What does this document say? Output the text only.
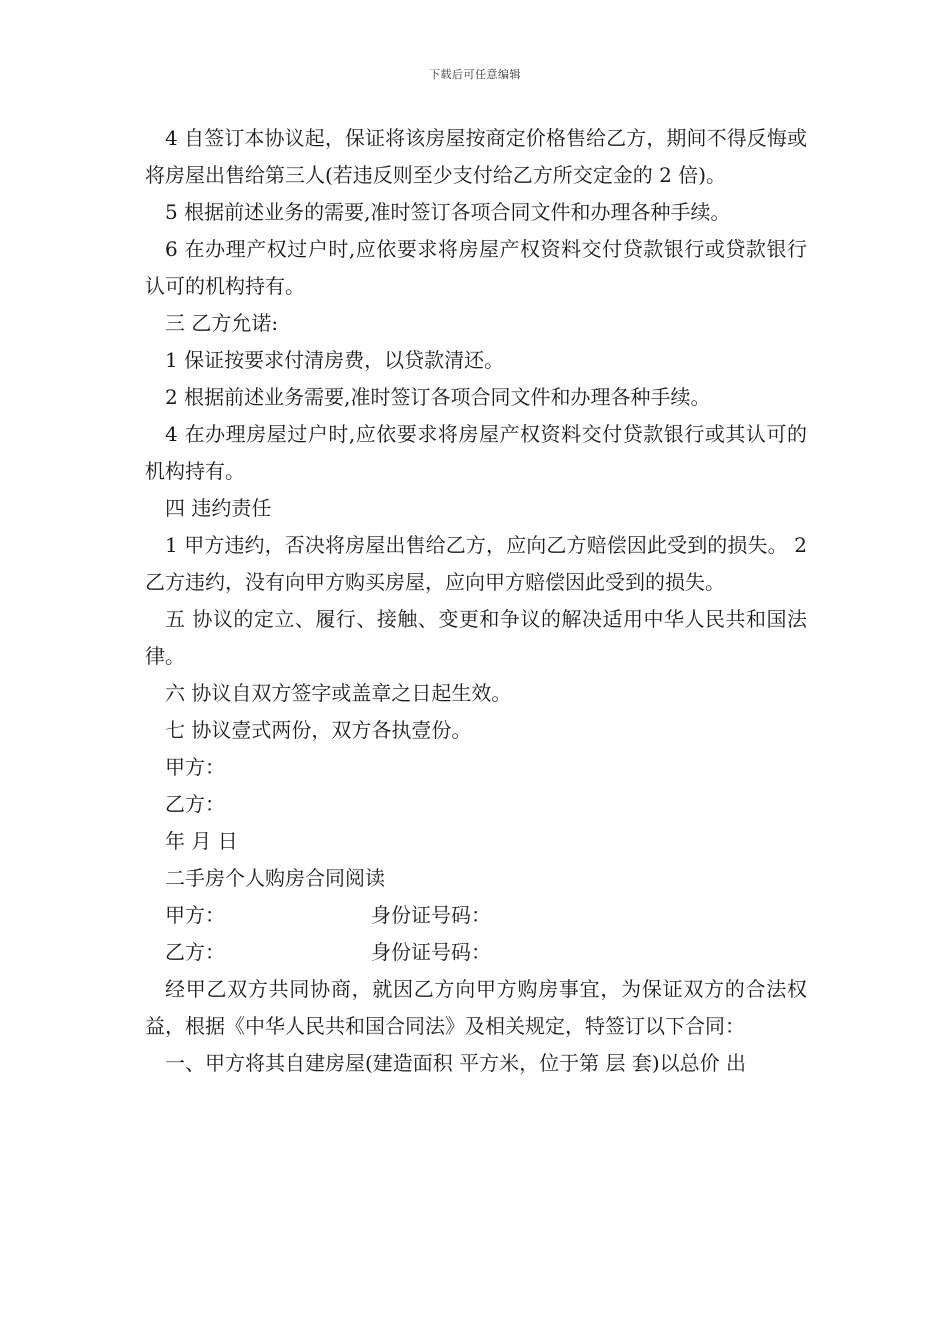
下载后可任意编辑

4 自签订本协议起，保证将该房屋按商定价格售给乙方，期间不得反悔或将房屋出售给第三人(若违反则至少支付给乙方所交定金的 2 倍)。

5 根据前述业务的需要,准时签订各项合同文件和办理各种手续。

6 在办理产权过户时,应依要求将房屋产权资料交付贷款银行或贷款银行认可的机构持有。

三 乙方允诺:

1 保证按要求付清房费，以贷款清还。

2 根据前述业务需要,准时签订各项合同文件和办理各种手续。

4 在办理房屋过户时,应依要求将房屋产权资料交付贷款银行或其认可的机构持有。

四 违约责任

1 甲方违约，否决将房屋出售给乙方，应向乙方赔偿因此受到的损失。 2 乙方违约，没有向甲方购买房屋，应向甲方赔偿因此受到的损失。

五 协议的定立、履行、接触、变更和争议的解决适用中华人民共和国法律。

六 协议自双方签字或盖章之日起生效。

七 协议壹式两份，双方各执壹份。

甲方：

乙方：

年 月 日

二手房个人购房合同阅读

甲方：	身份证号码：
乙方：	身份证号码：

经甲乙双方共同协商，就因乙方向甲方购房事宜，为保证双方的合法权益，根据《中华人民共和国合同法》及相关规定，特签订以下合同：

一、甲方将其自建房屋(建造面积 平方米，位于第 层 套)以总价 出
